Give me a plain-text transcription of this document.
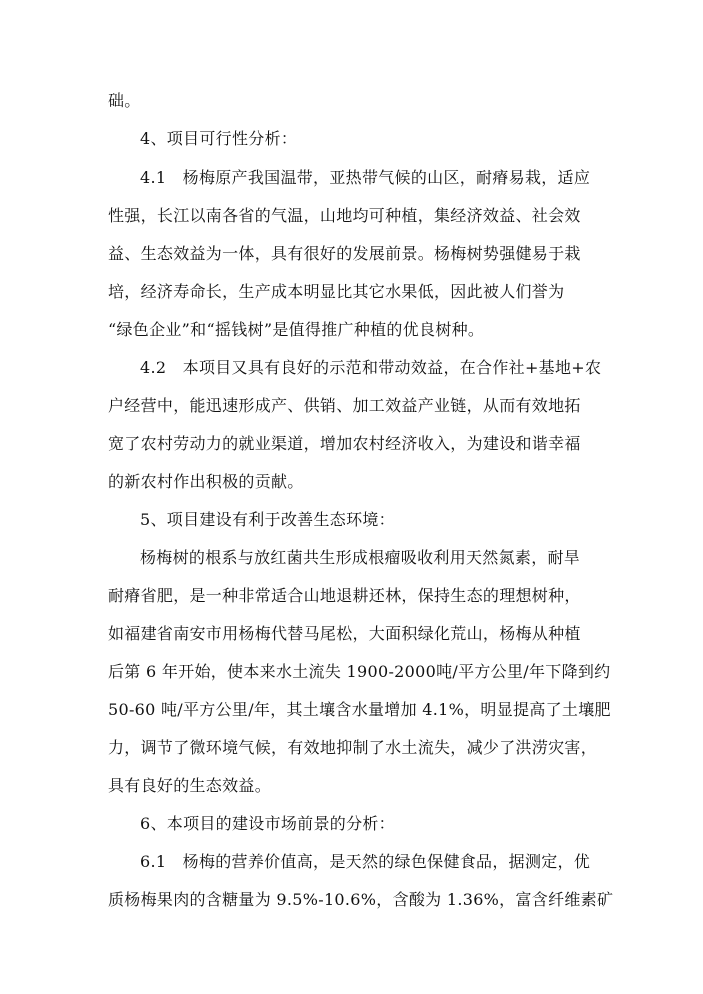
础。
4、项目可行性分析：
4.1　杨梅原产我国温带，亚热带气候的山区，耐瘠易栽，适应
性强，长江以南各省的气温，山地均可种植，集经济效益、社会效
益、生态效益为一体，具有很好的发展前景。杨梅树势强健易于栽
培，经济寿命长，生产成本明显比其它水果低，因此被人们誉为
“绿色企业”和“摇钱树”是值得推广种植的优良树种。
4.2　本项目又具有良好的示范和带动效益，在合作社+基地+农
户经营中，能迅速形成产、供销、加工效益产业链，从而有效地拓
宽了农村劳动力的就业渠道，增加农村经济收入，为建设和谐幸福
的新农村作出积极的贡献。
5、项目建设有利于改善生态环境：
杨梅树的根系与放红菌共生形成根瘤吸收利用天然氮素，耐旱
耐瘠省肥，是一种非常适合山地退耕还林，保持生态的理想树种，
如福建省南安市用杨梅代替马尾松，大面积绿化荒山，杨梅从种植
后第 6 年开始，使本来水土流失 1900-2000吨/平方公里/年下降到约
50-60 吨/平方公里/年，其土壤含水量增加 4.1%，明显提高了土壤肥
力，调节了微环境气候，有效地抑制了水土流失，减少了洪涝灾害，
具有良好的生态效益。
6、本项目的建设市场前景的分析：
6.1　杨梅的营养价值高，是天然的绿色保健食品，据测定，优
质杨梅果肉的含糖量为 9.5%-10.6%，含酸为 1.36%，富含纤维素矿
